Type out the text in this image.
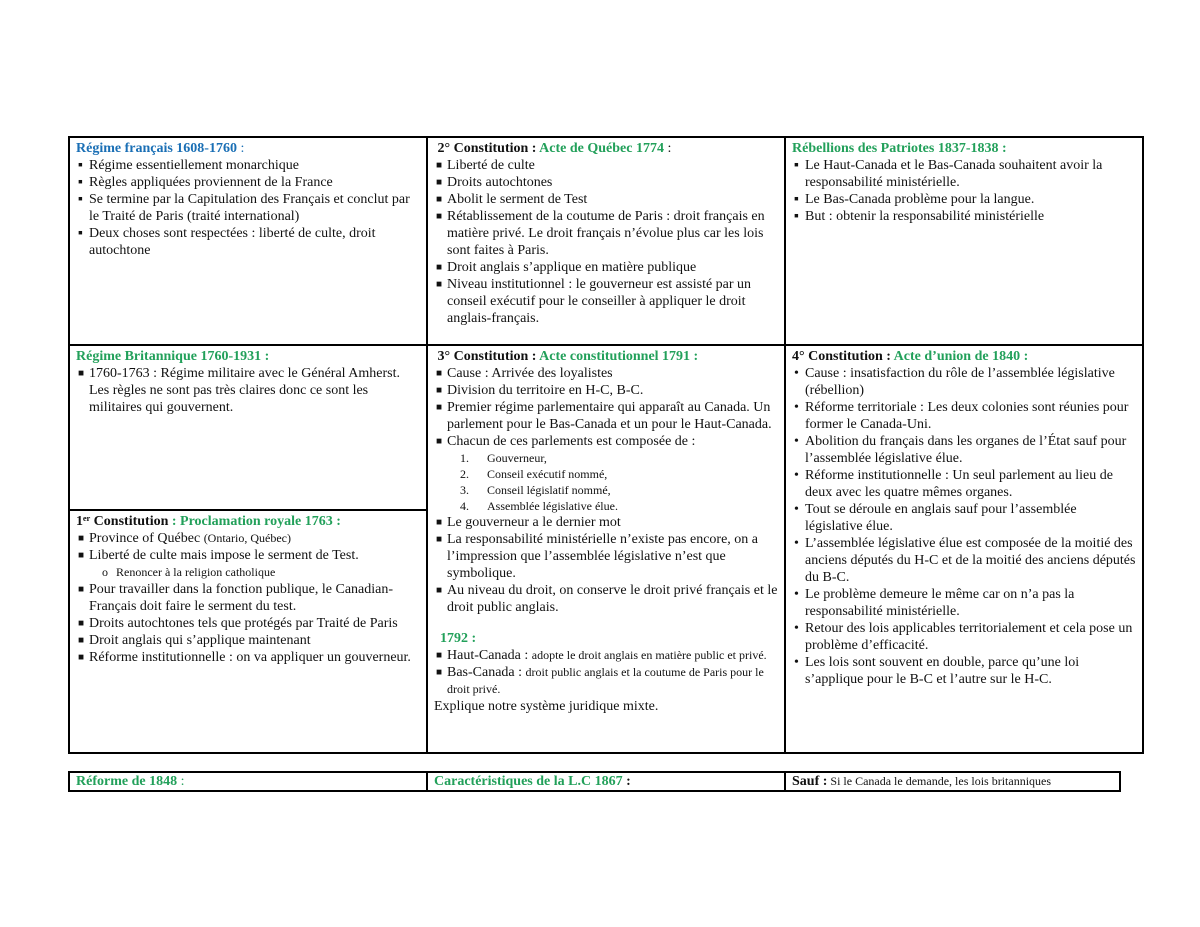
Régime français 1608-1760 :
▪ Régime essentiellement monarchique
▪ Règles appliquées proviennent de la France
▪ Se termine par la Capitulation des Français et conclut par le Traité de Paris (traité international)
▪ Deux choses sont respectées : liberté de culte, droit autochtone
2° Constitution : Acte de Québec 1774 :
■ Liberté de culte
■ Droits autochtones
■ Abolit le serment de Test
■ Rétablissement de la coutume de Paris : droit français en matière privé. Le droit français n’évolue plus car les lois sont faites à Paris.
■ Droit anglais s’applique en matière publique
■ Niveau institutionnel : le gouverneur est assisté par un conseil exécutif pour le conseiller à appliquer le droit anglais-français.
Rébellions des Patriotes 1837-1838 :
▪ Le Haut-Canada et le Bas-Canada souhaitent avoir la responsabilité ministérielle.
▪ Le Bas-Canada problème pour la langue.
▪ But : obtenir la responsabilité ministérielle
Régime Britannique 1760-1931 :
■ 1760-1763 : Régime militaire avec le Général Amherst. Les règles ne sont pas très claires donc ce sont les militaires qui gouvernent.
1ᵉʳ Constitution : Proclamation royale 1763 :
■ Province of Québec (Ontario, Québec)
■ Liberté de culte mais impose le serment de Test.
o Renoncer à la religion catholique
■ Pour travailler dans la fonction publique, le Canadian-Français doit faire le serment du test.
■ Droits autochtones tels que protégés par Traité de Paris
■ Droit anglais qui s’applique maintenant
■ Réforme institutionnelle : on va appliquer un gouverneur.
3° Constitution : Acte constitutionnel 1791 :
■ Cause : Arrivée des loyalistes
■ Division du territoire en H-C, B-C.
■ Premier régime parlementaire qui apparaît au Canada. Un parlement pour le Bas-Canada et un pour le Haut-Canada.
■ Chacun de ces parlements est composée de :
1. Gouverneur,
2. Conseil exécutif nommé,
3. Conseil législatif nommé,
4. Assemblée législative élue.
■ Le gouverneur a le dernier mot
■ La responsabilité ministérielle n’existe pas encore, on a l’impression que l’assemblée législative n’est que symbolique.
■ Au niveau du droit, on conserve le droit privé français et le droit public anglais.
1792 :
■ Haut-Canada : adopte le droit anglais en matière public et privé.
■ Bas-Canada : droit public anglais et la coutume de Paris pour le droit privé.
Explique notre système juridique mixte.
4° Constitution : Acte d’union de 1840 :
• Cause : insatisfaction du rôle de l’assemblée législative (rébellion)
• Réforme territoriale : Les deux colonies sont réunies pour former le Canada-Uni.
• Abolition du français dans les organes de l’État sauf pour l’assemblée législative élue.
• Réforme institutionnelle : Un seul parlement au lieu de deux avec les quatre mêmes organes.
• Tout se déroule en anglais sauf pour l’assemblée législative élue.
• L’assemblée législative élue est composée de la moitié des anciens députés du H-C et de la moitié des anciens députés du B-C.
• Le problème demeure le même car on n’a pas la responsabilité ministérielle.
• Retour des lois applicables territorialement et cela pose un problème d’efficacité.
• Les lois sont souvent en double, parce qu’une loi s’applique pour le B-C et l’autre sur le H-C.
Réforme de 1848 :	Caractéristiques de la L.C 1867 :	Sauf : Si le Canada le demande, les lois britanniques
